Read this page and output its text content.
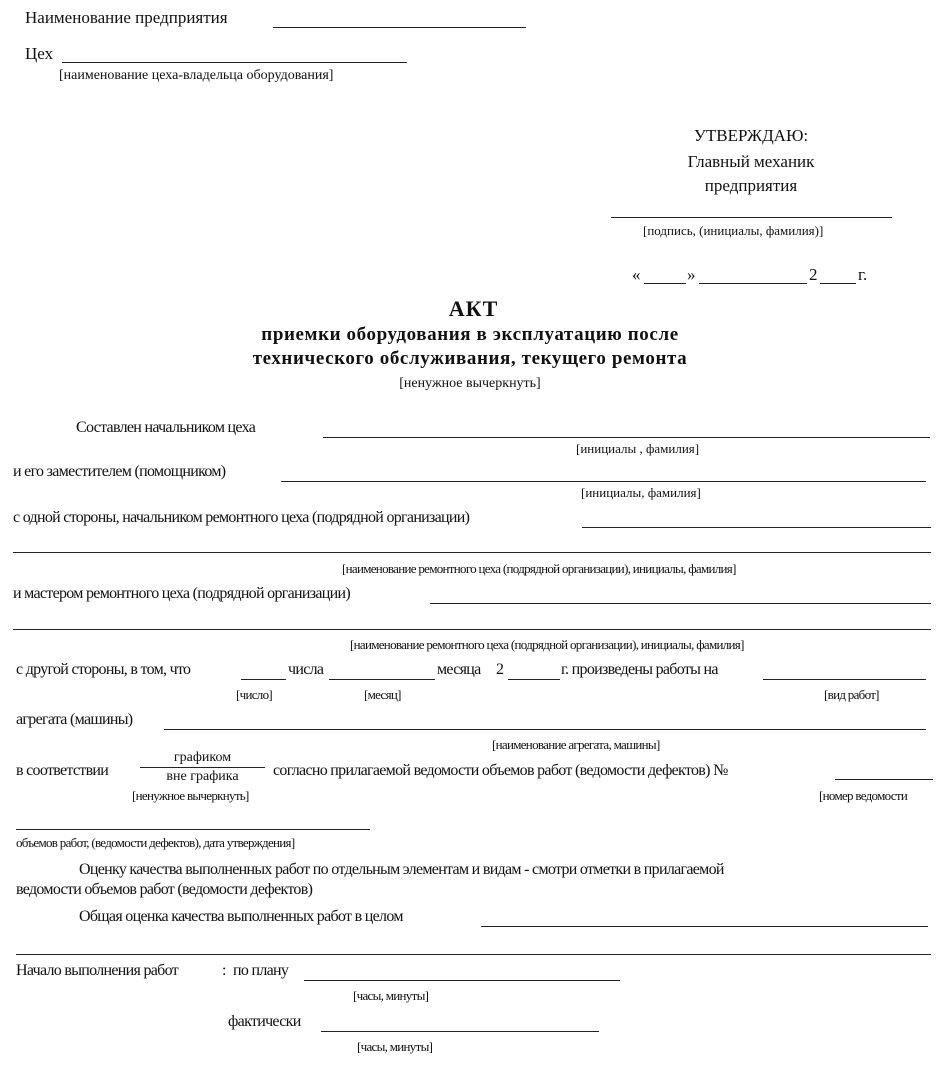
Наименование предприятия
Цех
[наименование цеха-владельца оборудования]
УТВЕРЖДАЮ:
Главный механик
предприятия
[подпись, (инициалы, фамилия)]
«	»	2 г.
АКТ
приемки оборудования в эксплуатацию после
технического обслуживания, текущего ремонта
[ненужное вычеркнуть]
Составлен начальником цеха
[инициалы , фамилия]
и его заместителем (помощником)
[инициалы, фамилия]
с одной стороны, начальником ремонтного цеха (подрядной организации)
[наименование ремонтного цеха (подрядной организации), инициалы, фамилия]
и мастером ремонтного цеха (подрядной организации)
[наименование ремонтного цеха (подрядной организации), инициалы, фамилия]
с другой стороны, в том, что	числа	месяца 2	г. произведены работы на
[число]	[месяц]	[вид работ]
агрегата (машины)
[наименование агрегата, машины]
в соответствии
графиком
вне графика	согласно прилагаемой ведомости объемов работ (ведомости дефектов) №
[ненужное вычеркнуть]	[номер ведомости
объемов работ, (ведомости дефектов), дата утверждения]
Оценку качества выполненных работ по отдельным элементам и видам - смотри отметки в прилагаемой
ведомости объемов работ (ведомости дефектов)
Общая оценка качества выполненных работ в целом
Начало выполнения работ	: по плану
[часы, минуты]
фактически
[часы, минуты]
